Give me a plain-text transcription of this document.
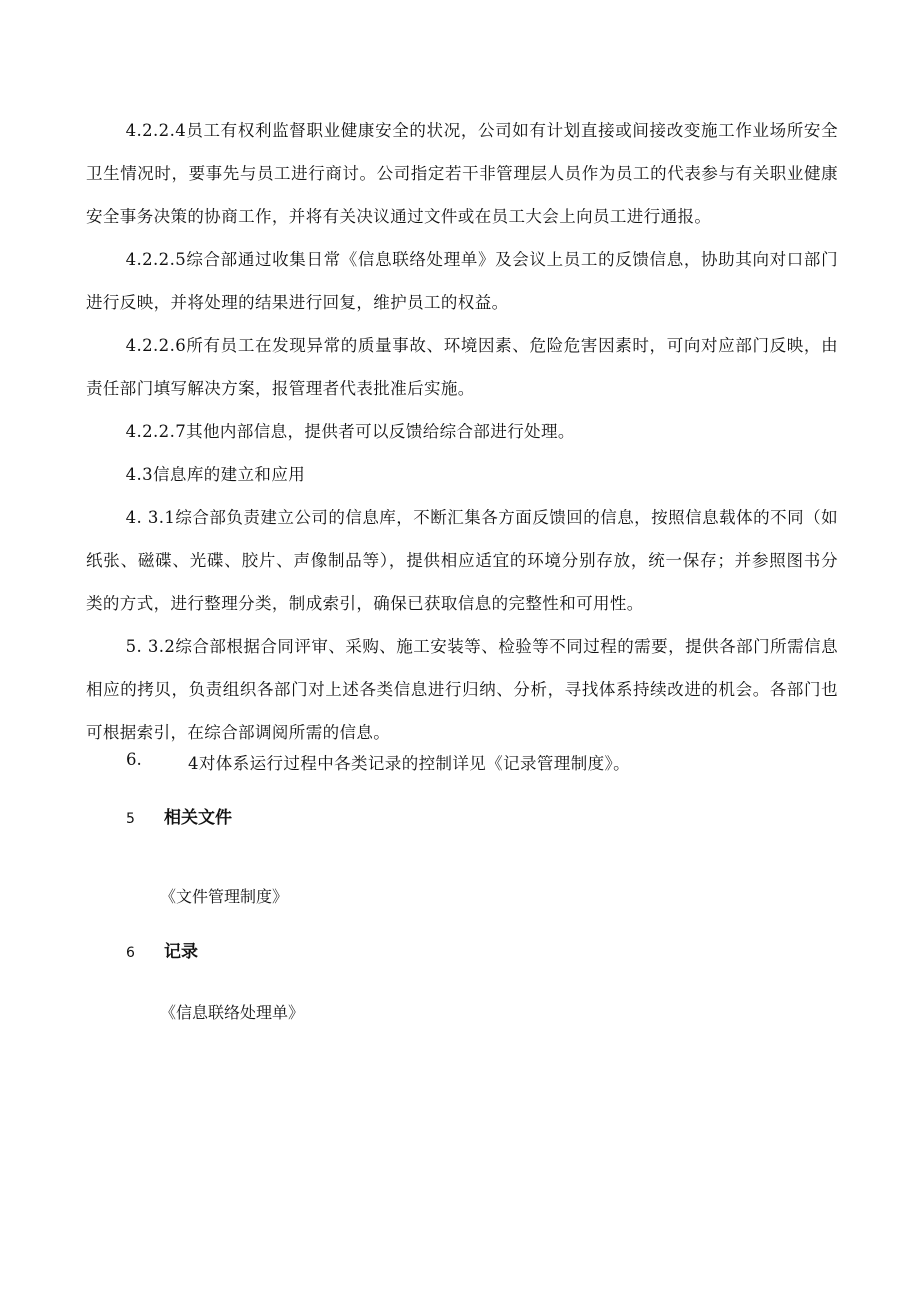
4.2.2.4员工有权利监督职业健康安全的状况，公司如有计划直接或间接改变施工作业场所安全卫生情况时，要事先与员工进行商讨。公司指定若干非管理层人员作为员工的代表参与有关职业健康安全事务决策的协商工作，并将有关决议通过文件或在员工大会上向员工进行通报。

4.2.2.5综合部通过收集日常《信息联络处理单》及会议上员工的反馈信息，协助其向对口部门进行反映，并将处理的结果进行回复，维护员工的权益。

4.2.2.6所有员工在发现异常的质量事故、环境因素、危险危害因素时，可向对应部门反映，由责任部门填写解决方案，报管理者代表批准后实施。

4.2.2.7其他内部信息，提供者可以反馈给综合部进行处理。

4.3信息库的建立和应用

4. 3.1综合部负责建立公司的信息库，不断汇集各方面反馈回的信息，按照信息载体的不同（如纸张、磁碟、光碟、胶片、声像制品等），提供相应适宜的环境分别存放，统一保存；并参照图书分类的方式，进行整理分类，制成索引，确保已获取信息的完整性和可用性。

5. 3.2综合部根据合同评审、采购、施工安装等、检验等不同过程的需要，提供各部门所需信息相应的拷贝，负责组织各部门对上述各类信息进行归纳、分析，寻找体系持续改进的机会。各部门也可根据索引，在综合部调阅所需的信息。

6.	4对体系运行过程中各类记录的控制详见《记录管理制度》。

5 相关文件

《文件管理制度》

6 记录

《信息联络处理单》
